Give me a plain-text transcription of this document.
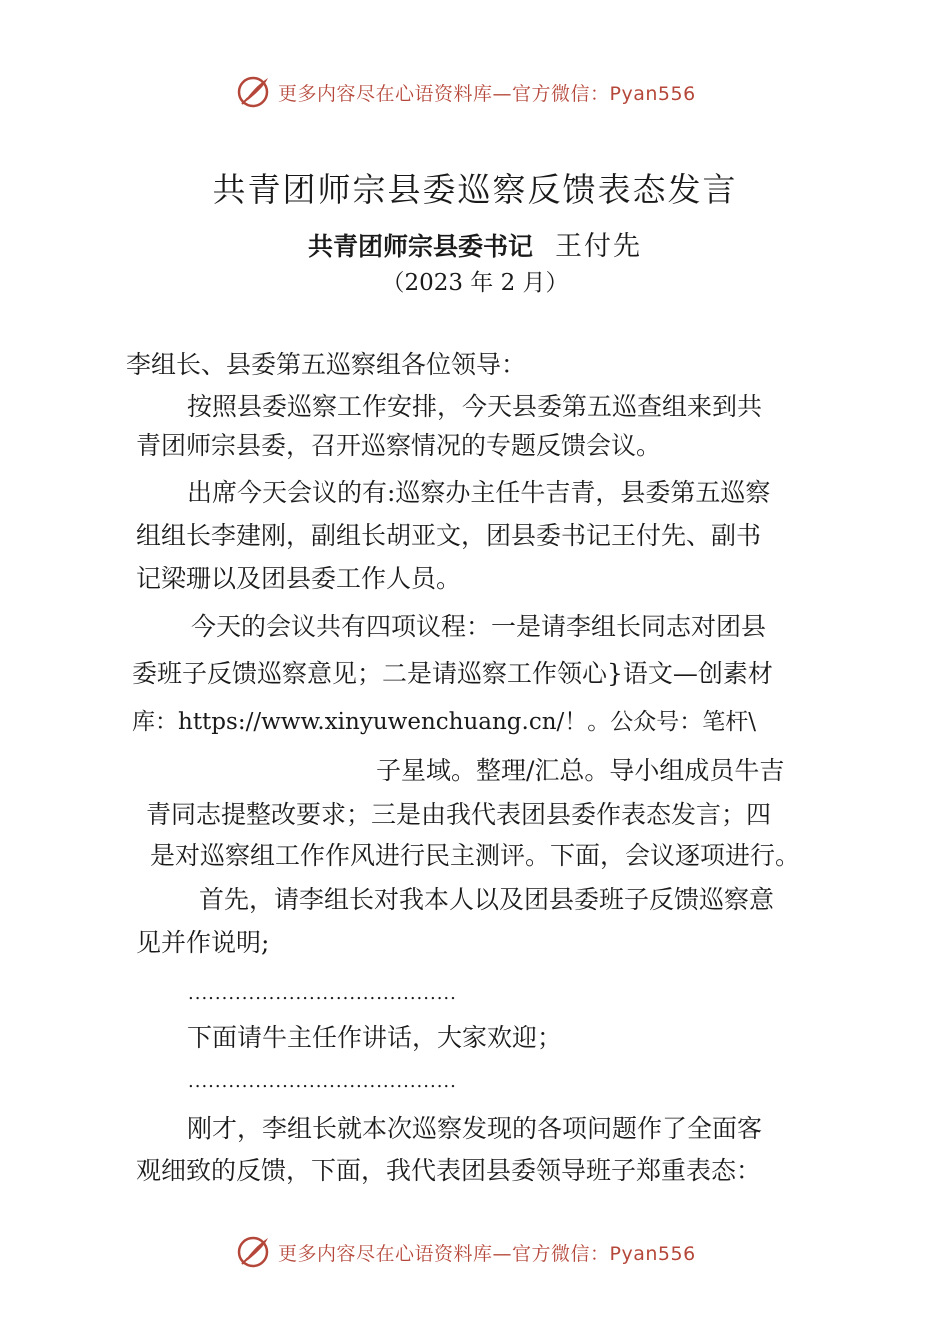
更多内容尽在心语资料库—官方微信：Pyan556
共青团师宗县委巡察反馈表态发言
共青团师宗县委书记 王付先
（2023 年 2 月）
李组长、县委第五巡察组各位领导：
按照县委巡察工作安排，今天县委第五巡查组来到共
青团师宗县委，召开巡察情况的专题反馈会议。
出席今天会议的有:巡察办主任牛吉青，县委第五巡察
组组长李建刚，副组长胡亚文，团县委书记王付先、副书
记梁珊以及团县委工作人员。
今天的会议共有四项议程：一是请李组长同志对团县
委班子反馈巡察意见；二是请巡察工作领心}语文—创素材
库：https://www.xinyuwenchuang.cn/！。公众号：笔杆\
子星域。整理/汇总。导小组成员牛吉
青同志提整改要求；三是由我代表团县委作表态发言；四
是对巡察组工作作风进行民主测评。下面，会议逐项进行。
首先，请李组长对我本人以及团县委班子反馈巡察意
见并作说明;
........................................
下面请牛主任作讲话，大家欢迎；
........................................
刚才，李组长就本次巡察发现的各项问题作了全面客
观细致的反馈，下面，我代表团县委领导班子郑重表态：
更多内容尽在心语资料库—官方微信：Pyan556
